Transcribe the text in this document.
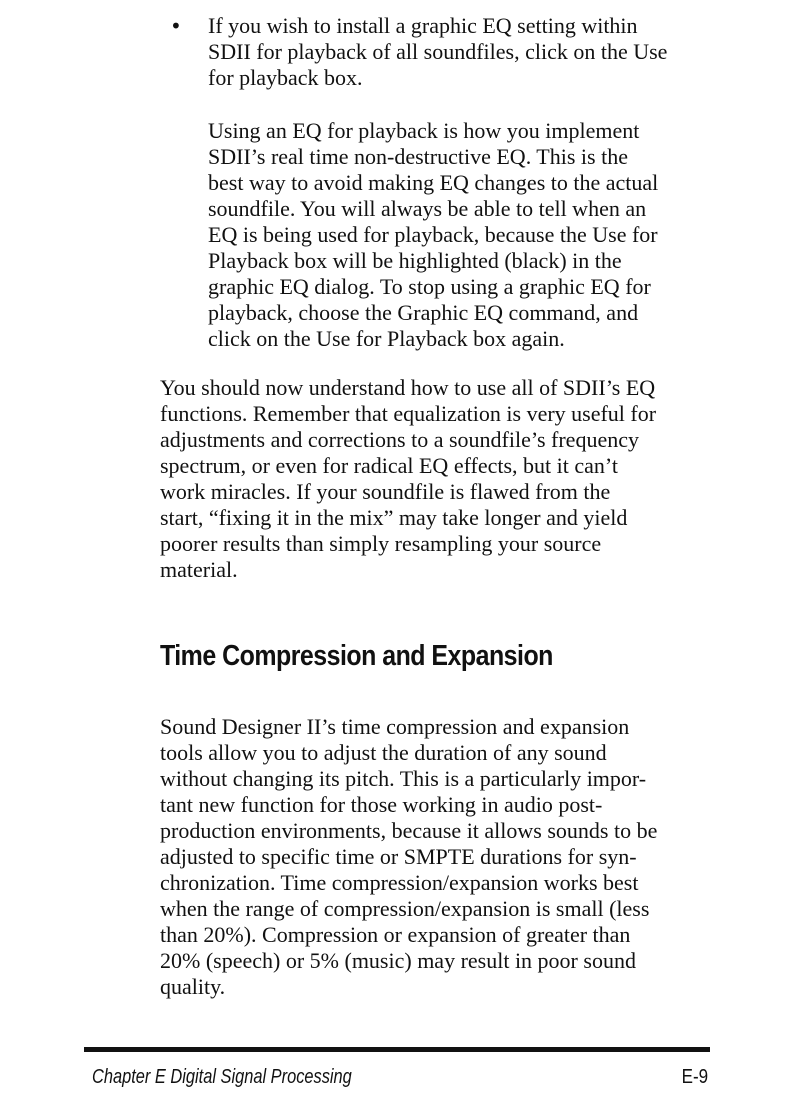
• If you wish to install a graphic EQ setting within
SDII for playback of all soundfiles, click on the Use
for playback box.
Using an EQ for playback is how you implement
SDII’s real time non-destructive EQ. This is the
best way to avoid making EQ changes to the actual
soundfile. You will always be able to tell when an
EQ is being used for playback, because the Use for
Playback box will be highlighted (black) in the
graphic EQ dialog. To stop using a graphic EQ for
playback, choose the Graphic EQ command, and
click on the Use for Playback box again.
You should now understand how to use all of SDII’s EQ
functions. Remember that equalization is very useful for
adjustments and corrections to a soundfile’s frequency
spectrum, or even for radical EQ effects, but it can’t
work miracles. If your soundfile is flawed from the
start, “fixing it in the mix” may take longer and yield
poorer results than simply resampling your source
material.
Time Compression and Expansion
Sound Designer II’s time compression and expansion
tools allow you to adjust the duration of any sound
without changing its pitch. This is a particularly impor-
tant new function for those working in audio post-
production environments, because it allows sounds to be
adjusted to specific time or SMPTE durations for syn-
chronization. Time compression/expansion works best
when the range of compression/expansion is small (less
than 20%). Compression or expansion of greater than
20% (speech) or 5% (music) may result in poor sound
quality.
Chapter E Digital Signal Processing	E-9
